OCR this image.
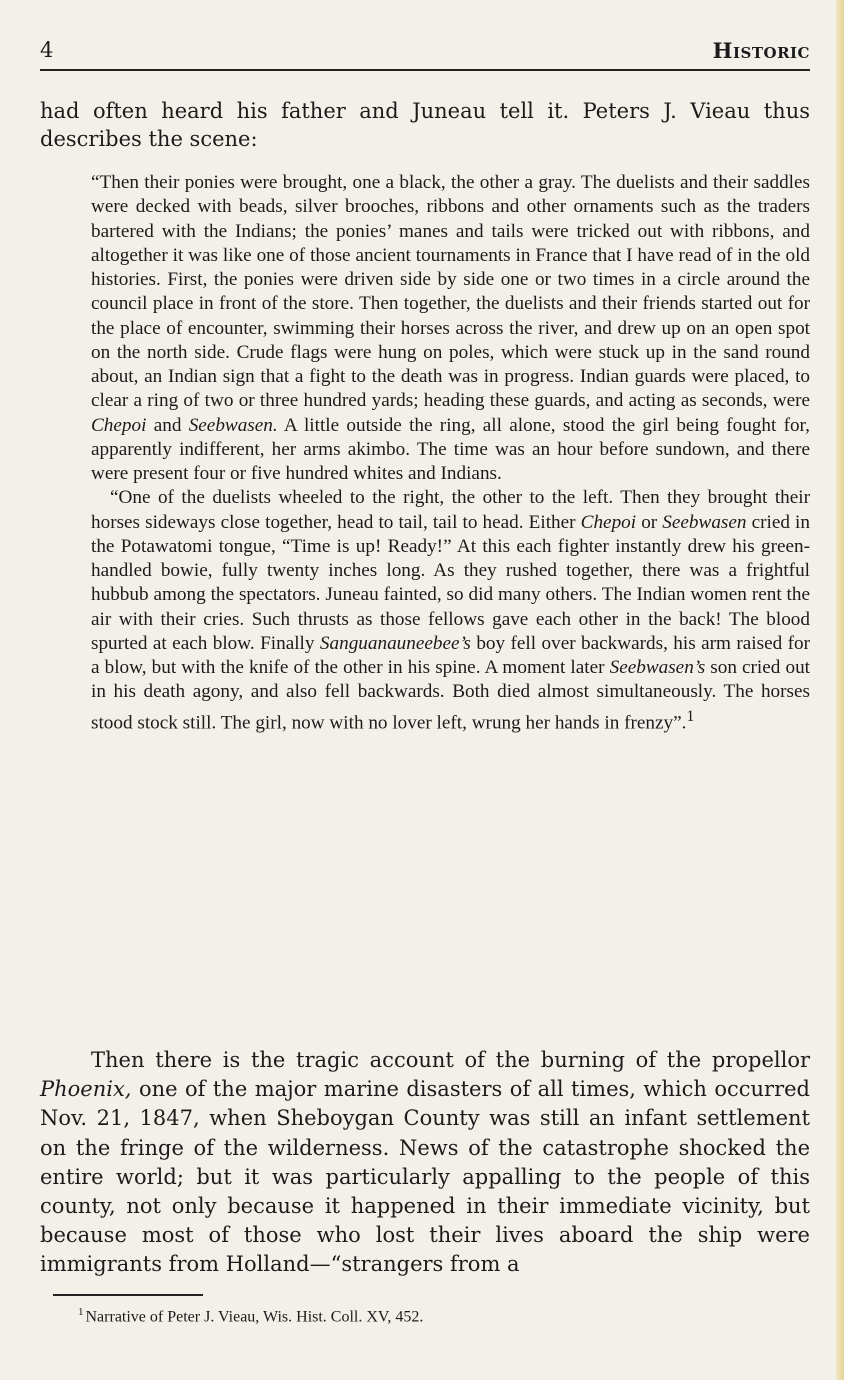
4	Historic

had often heard his father and Juneau tell it. Peters J. Vieau thus describes the scene:

“Then their ponies were brought, one a black, the other a gray. The duelists and their saddles were decked with beads, silver brooches, ribbons and other ornaments such as the traders bartered with the Indians; the ponies’ manes and tails were tricked out with ribbons, and altogether it was like one of those ancient tournaments in France that I have read of in the old histories. First, the ponies were driven side by side one or two times in a circle around the council place in front of the store. Then together, the duelists and their friends started out for the place of encounter, swimming their horses across the river, and drew up on an open spot on the north side. Crude flags were hung on poles, which were stuck up in the sand round about, an Indian sign that a fight to the death was in progress. Indian guards were placed, to clear a ring of two or three hundred yards; heading these guards, and acting as seconds, were Chepoi and Seebwasen. A little outside the ring, all alone, stood the girl being fought for, apparently indifferent, her arms akimbo. The time was an hour before sundown, and there were present four or five hundred whites and Indians.

“One of the duelists wheeled to the right, the other to the left. Then they brought their horses sideways close together, head to tail, tail to head. Either Chepoi or Seebwasen cried in the Potawatomi tongue, “Time is up! Ready!” At this each fighter instantly drew his green-handled bowie, fully twenty inches long. As they rushed together, there was a frightful hubbub among the spectators. Juneau fainted, so did many others. The Indian women rent the air with their cries. Such thrusts as those fellows gave each other in the back! The blood spurted at each blow. Finally Sanguanauneebee’s boy fell over backwards, his arm raised for a blow, but with the knife of the other in his spine. A moment later Seebwasen’s son cried out in his death agony, and also fell backwards. Both died almost simultaneously. The horses stood stock still. The girl, now with no lover left, wrung her hands in frenzy”.$^1$

Then there is the tragic account of the burning of the propellor Phoenix, one of the major marine disasters of all times, which occurred Nov. 21, 1847, when Sheboygan County was still an infant settlement on the fringe of the wilderness. News of the catastrophe shocked the entire world; but it was particularly appalling to the people of this county, not only because it happened in their immediate vicinity, but because most of those who lost their lives aboard the ship were immigrants from Holland—“strangers from a

$^1$ Narrative of Peter J. Vieau, Wis. Hist. Coll. XV, 452.
